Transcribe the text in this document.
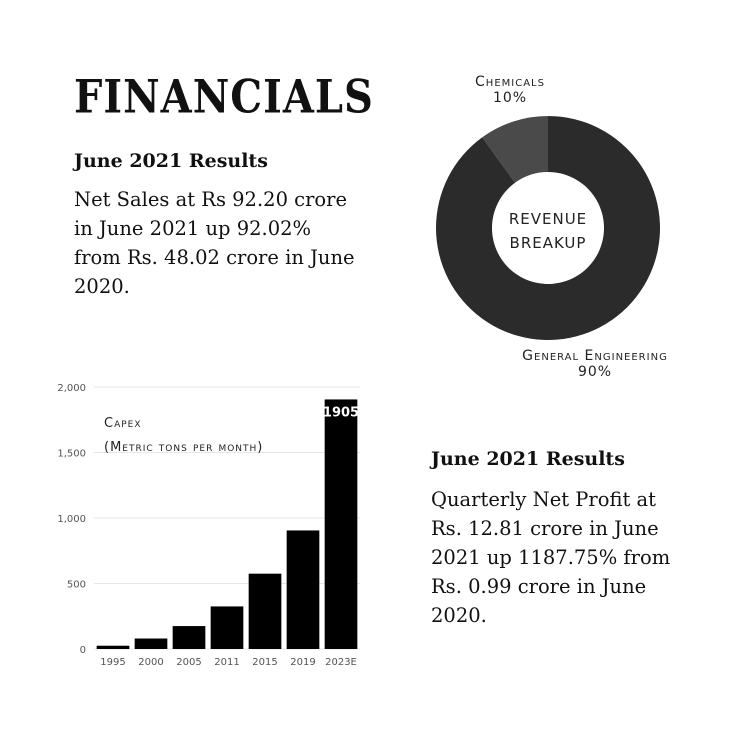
FINANCIALS
June 2021 Results
Net Sales at Rs 92.20 crore
in June 2021 up 92.02%
from Rs. 48.02 crore in June
2020.
June 2021 Results
Quarterly Net Profit at
Rs. 12.81 crore in June
2021 up 1187.75% from
Rs. 0.99 crore in June
2020.
Chemicals
10%
REVENUE
BREAKUP
General Engineering
90%
0
500
1,000
1,500
2,000
1995 2000 2005 2011 2015 2019 2023E
1905
Capex
(Metric tons per month)
